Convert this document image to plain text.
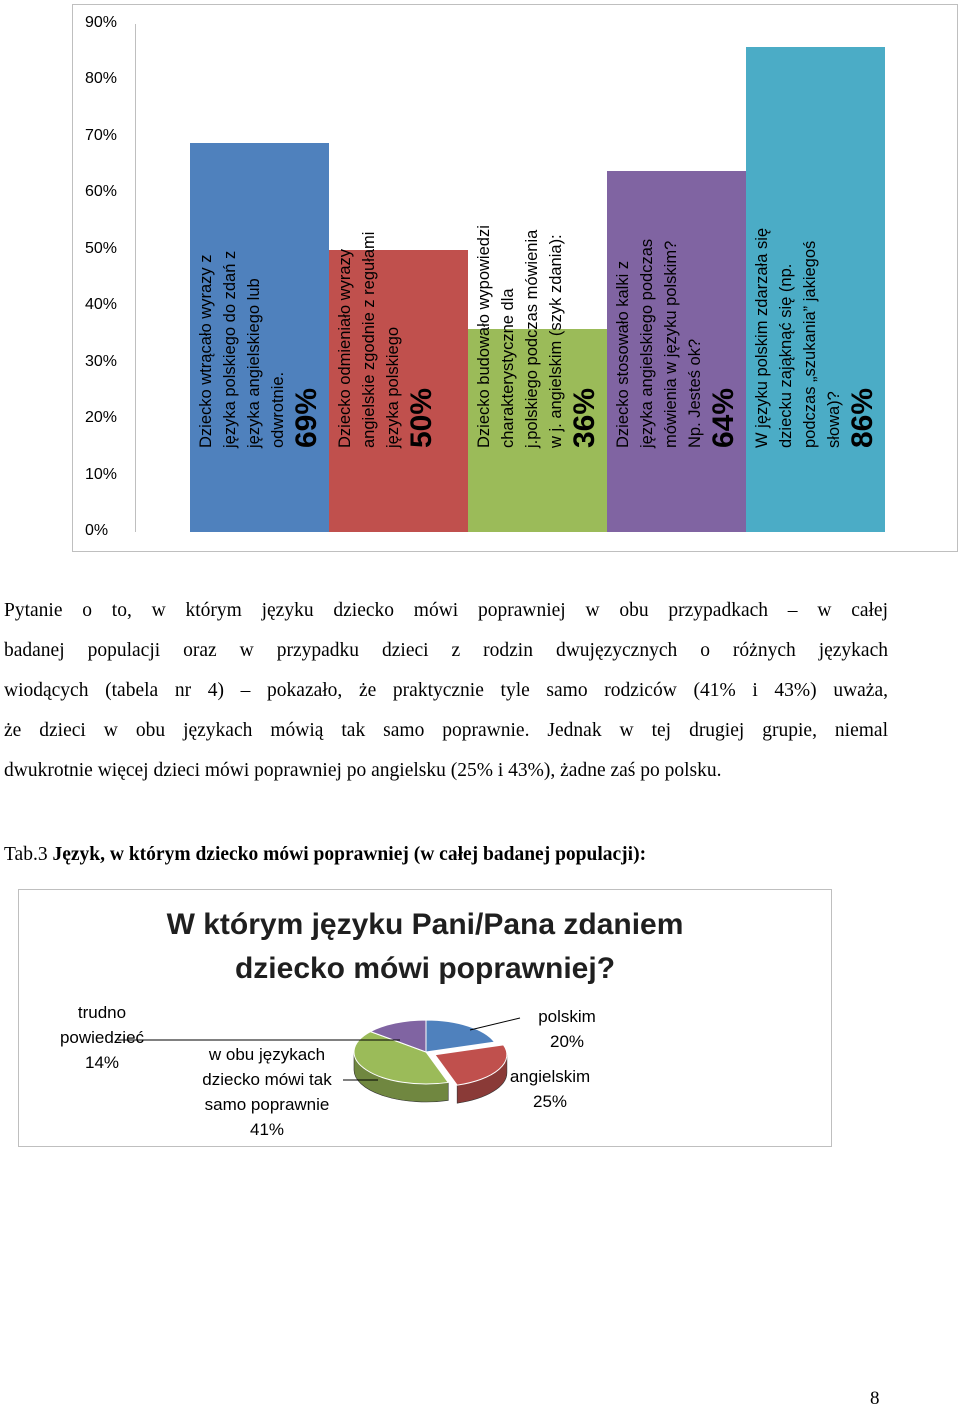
0%
10%
20%
30%
40%
50%
60%
70%
80%
90%
Dziecko wtrącało wyrazy z języka polskiego do zdań z języka angielskiego lub odwrotnie. 69% Dziecko odmieniało wyrazy angielskie zgodnie z regułami języka polskiego 50% Dziecko budowało wypowiedzi charakterystyczne dla j.polskiego podczas mówienia w j. angielskim (szyk zdania): 36% Dziecko stosowało kalki z języka angielskiego podczas mówienia w języku polskim? Np. Jesteś ok? 64% W języku polskim zdarzała się dziecku zająknąć się (np. podczas „szukania” jakiegoś słowa)? 86%
Pytanie o to, w którym języku dziecko mówi poprawniej w obu przypadkach – w całej
badanej populacji oraz w przypadku dzieci z rodzin dwujęzycznych o różnych językach
wiodących (tabela nr 4) – pokazało, że praktycznie tyle samo rodziców (41% i 43%) uważa,
że dzieci w obu językach mówią tak samo poprawnie. Jednak w tej drugiej grupie, niemal
dwukrotnie więcej dzieci mówi poprawniej po angielsku (25% i 43%), żadne zaś po polsku.
Tab.3 Język, w którym dziecko mówi poprawniej (w całej badanej populacji):
W którym języku Pani/Pana zdaniem
dziecko mówi poprawniej?
polskim
20%
angielskim
25%
w obu językach
dziecko mówi tak
samo poprawnie
41%
trudno
powiedzieć
14%
8
